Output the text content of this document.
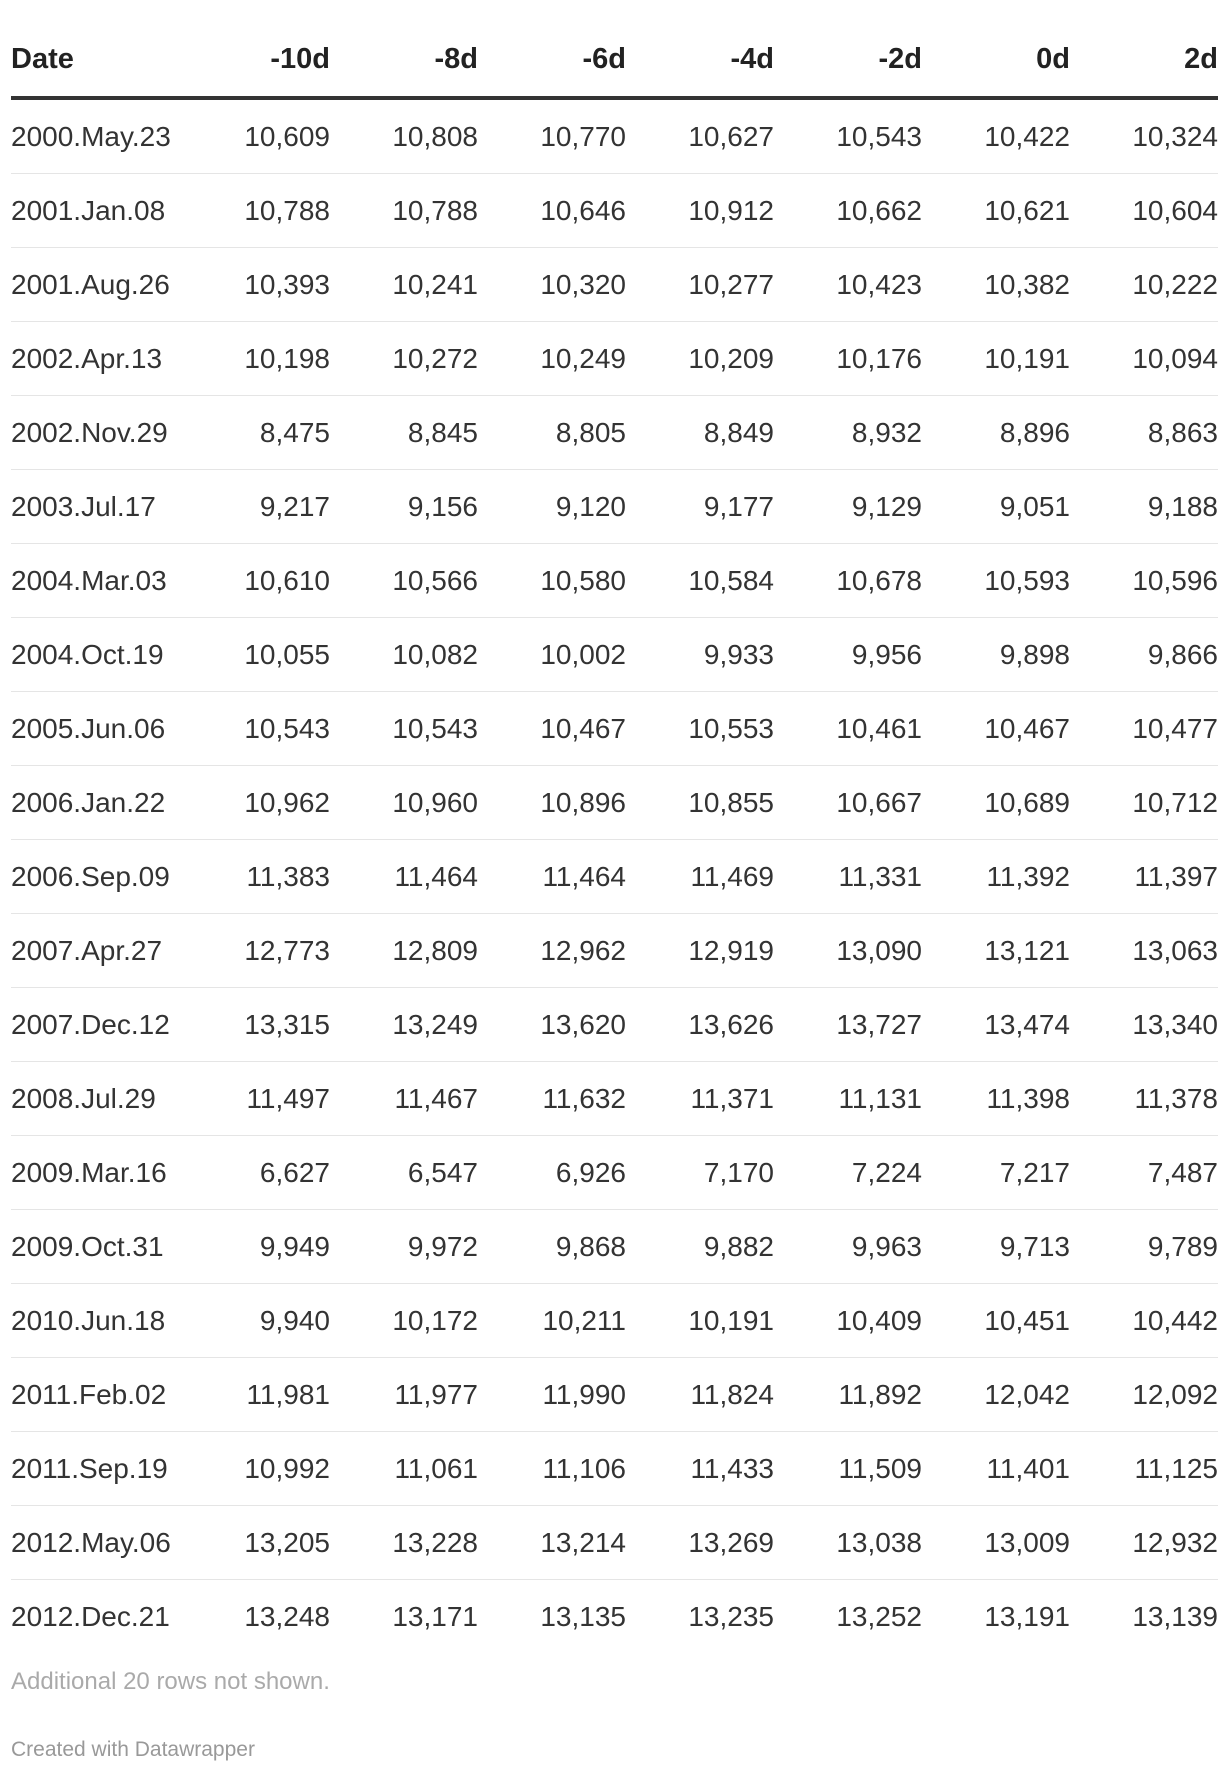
Date	-10d	-8d	-6d	-4d	-2d	0d	2d
2000.May.23	10,609	10,808	10,770	10,627	10,543	10,422	10,324
2001.Jan.08	10,788	10,788	10,646	10,912	10,662	10,621	10,604
2001.Aug.26	10,393	10,241	10,320	10,277	10,423	10,382	10,222
2002.Apr.13	10,198	10,272	10,249	10,209	10,176	10,191	10,094
2002.Nov.29	8,475	8,845	8,805	8,849	8,932	8,896	8,863
2003.Jul.17	9,217	9,156	9,120	9,177	9,129	9,051	9,188
2004.Mar.03	10,610	10,566	10,580	10,584	10,678	10,593	10,596
2004.Oct.19	10,055	10,082	10,002	9,933	9,956	9,898	9,866
2005.Jun.06	10,543	10,543	10,467	10,553	10,461	10,467	10,477
2006.Jan.22	10,962	10,960	10,896	10,855	10,667	10,689	10,712
2006.Sep.09	11,383	11,464	11,464	11,469	11,331	11,392	11,397
2007.Apr.27	12,773	12,809	12,962	12,919	13,090	13,121	13,063
2007.Dec.12	13,315	13,249	13,620	13,626	13,727	13,474	13,340
2008.Jul.29	11,497	11,467	11,632	11,371	11,131	11,398	11,378
2009.Mar.16	6,627	6,547	6,926	7,170	7,224	7,217	7,487
2009.Oct.31	9,949	9,972	9,868	9,882	9,963	9,713	9,789
2010.Jun.18	9,940	10,172	10,211	10,191	10,409	10,451	10,442
2011.Feb.02	11,981	11,977	11,990	11,824	11,892	12,042	12,092
2011.Sep.19	10,992	11,061	11,106	11,433	11,509	11,401	11,125
2012.May.06	13,205	13,228	13,214	13,269	13,038	13,009	12,932
2012.Dec.21	13,248	13,171	13,135	13,235	13,252	13,191	13,139
Additional 20 rows not shown.
Created with Datawrapper
